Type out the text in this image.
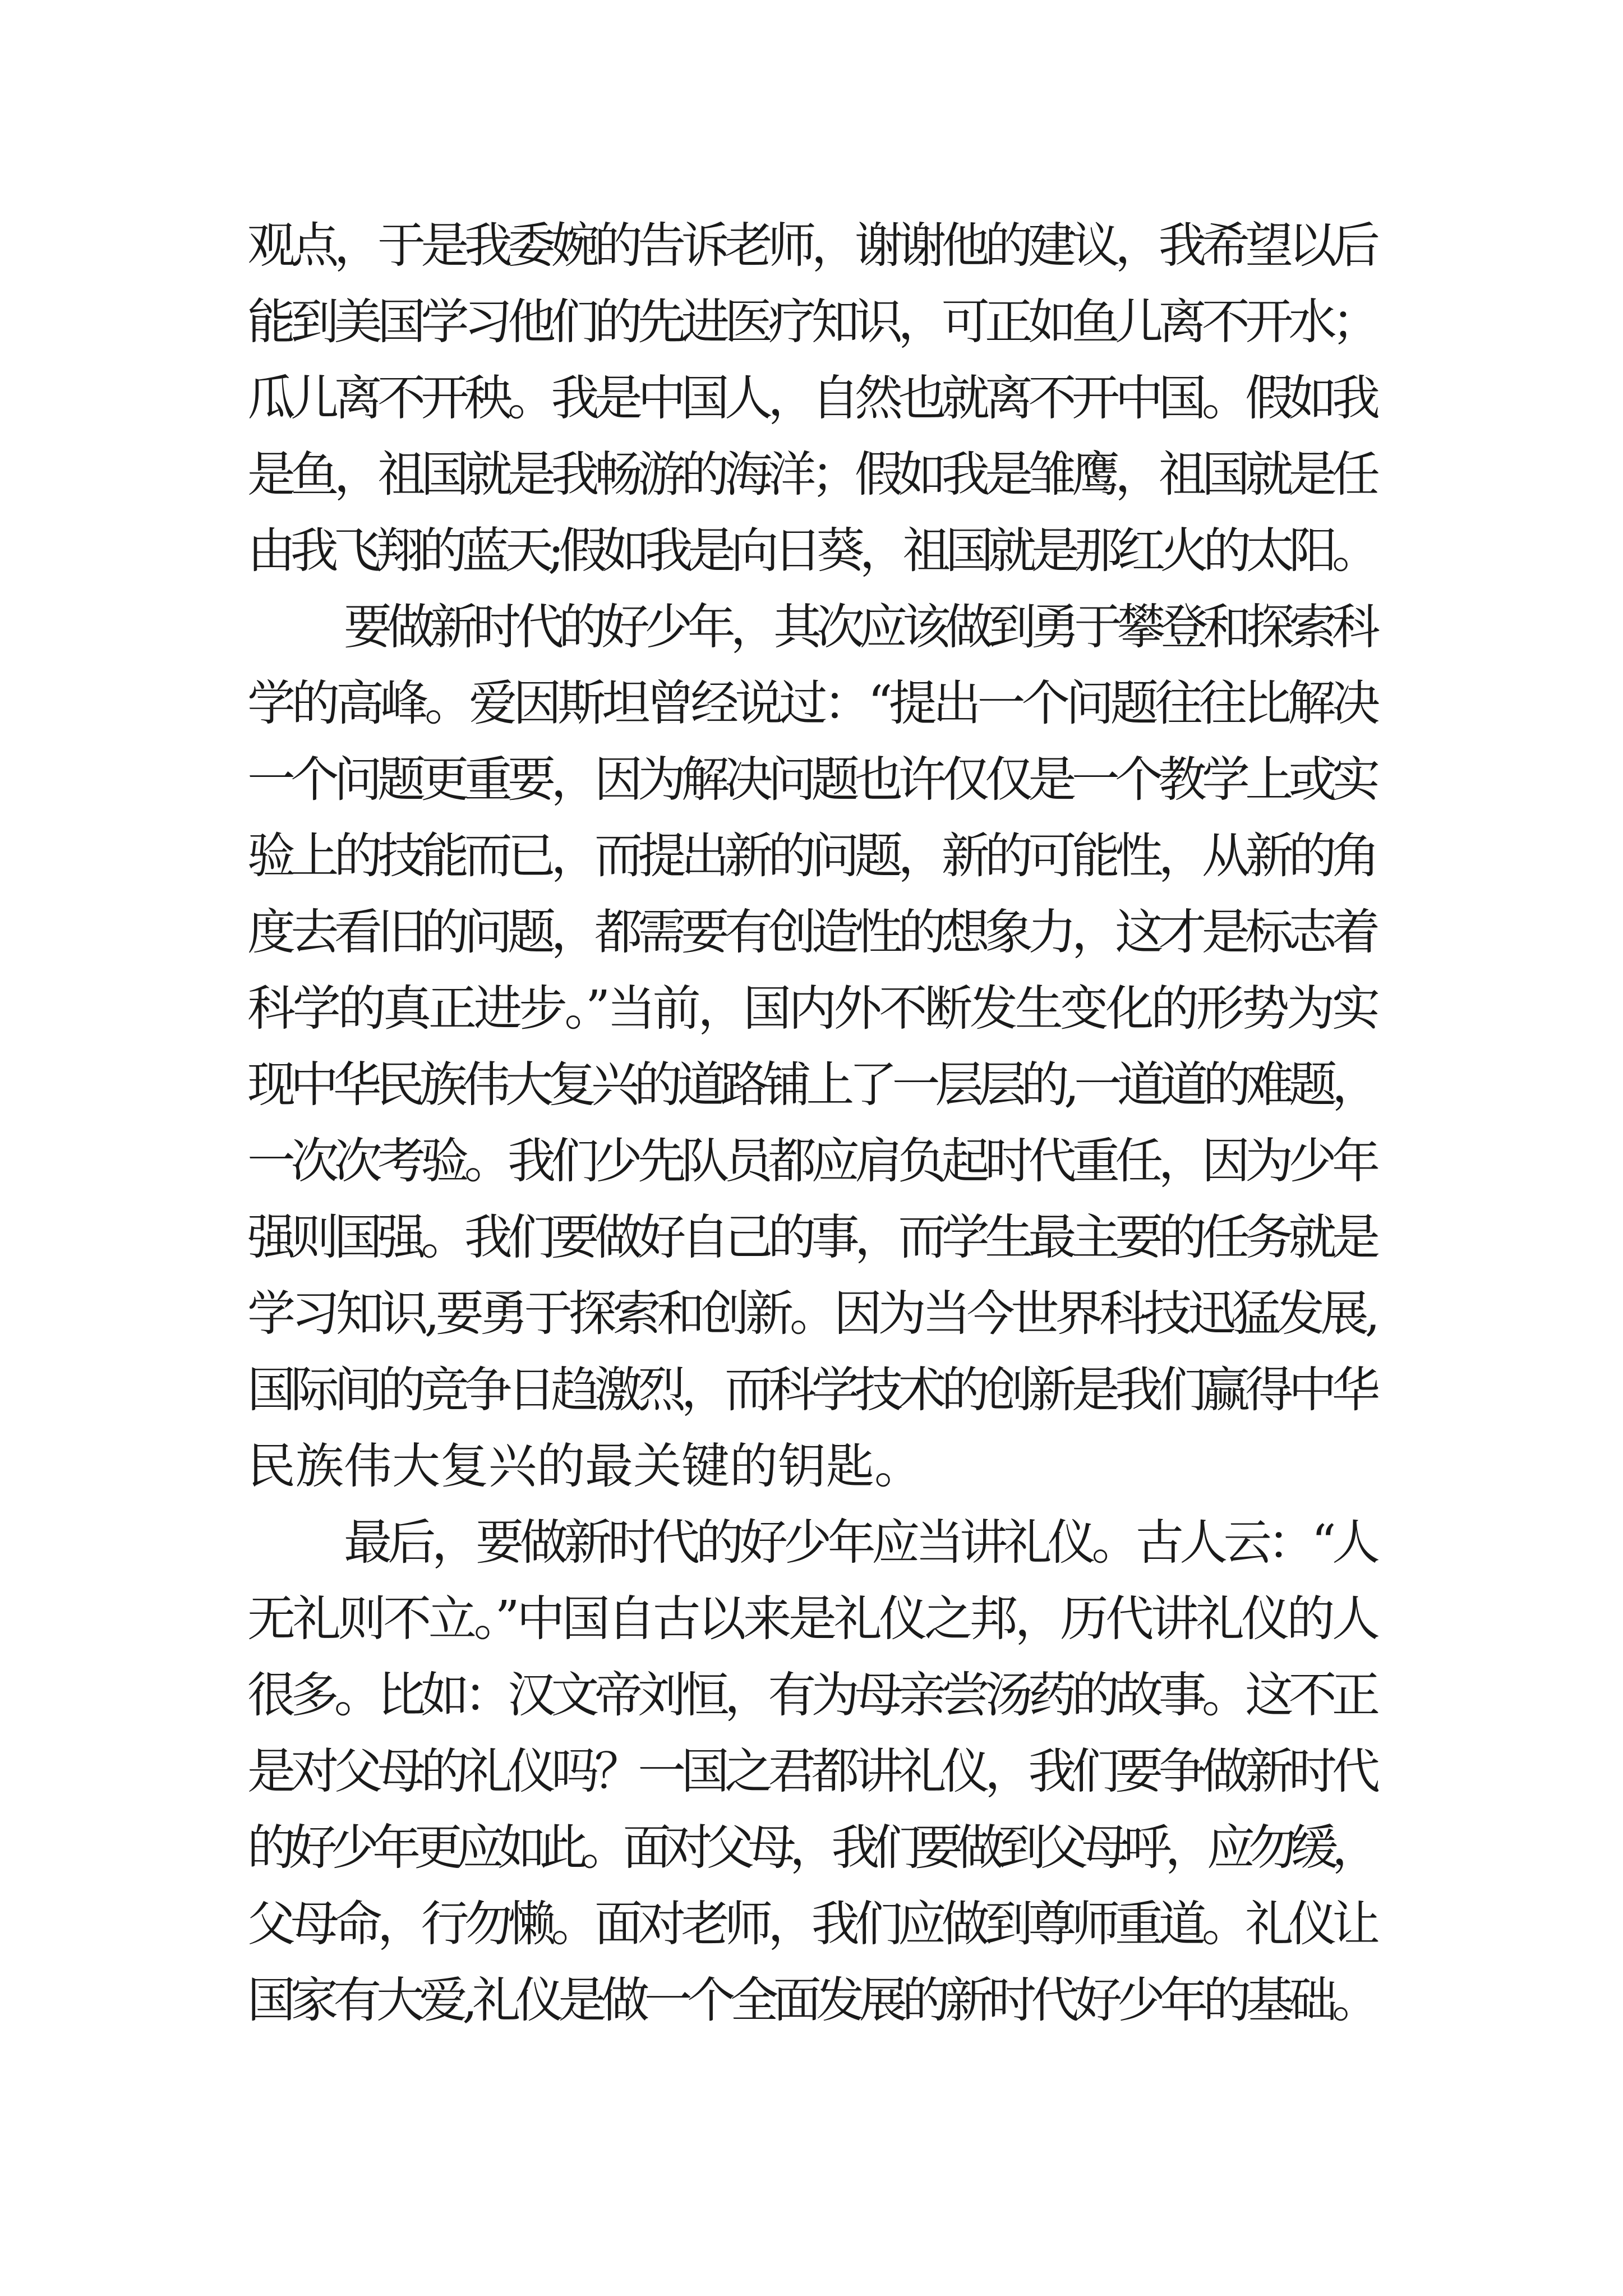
观点，于是我委婉的告诉老师，谢谢他的建议，我希望以后
能到美国学习他们的先进医疗知识，可正如鱼儿离不开水；
瓜儿离不开秧。我是中国人，自然也就离不开中国。假如我
是鱼，祖国就是我畅游的海洋；假如我是雏鹰，祖国就是任
由我飞翔的蓝天;假如我是向日葵，祖国就是那红火的太阳。
要做新时代的好少年，其次应该做到勇于攀登和探索科
学的高峰。爱因斯坦曾经说过：“提出一个问题往往比解决
一个问题更重要，因为解决问题也许仅仅是一个教学上或实
验上的技能而已，而提出新的问题，新的可能性，从新的角
度去看旧的问题，都需要有创造性的想象力，这才是标志着
科学的真正进步。”当前，国内外不断发生变化的形势为实
现中华民族伟大复兴的道路铺上了一层层的,一道道的难题，
一次次考验。我们少先队员都应肩负起时代重任，因为少年
强则国强。我们要做好自己的事，而学生最主要的任务就是
学习知识,要勇于探索和创新。因为当今世界科技迅猛发展,
国际间的竞争日趋激烈，而科学技术的创新是我们赢得中华
民族伟大复兴的最关键的钥匙。
最后，要做新时代的好少年应当讲礼仪。古人云：“人
无礼则不立。”中国自古以来是礼仪之邦，历代讲礼仪的人
很多。比如：汉文帝刘恒，有为母亲尝汤药的故事。这不正
是对父母的礼仪吗？一国之君都讲礼仪，我们要争做新时代
的好少年更应如此。面对父母，我们要做到父母呼，应勿缓，
父母命，行勿懒。面对老师，我们应做到尊师重道。礼仪让
国家有大爱,礼仪是做一个全面发展的新时代好少年的基础。
